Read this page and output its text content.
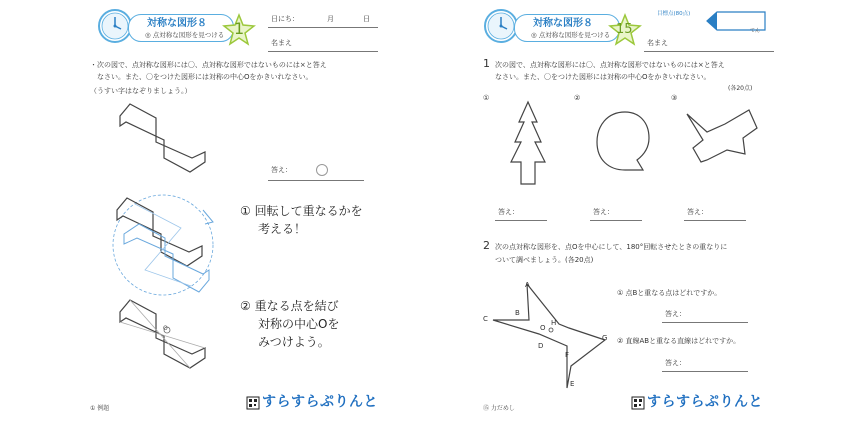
対称な図形８
◎ 点対称な図形を見つける 1	日にち：	月	日
名まえ
・次の図で、点対称な図形には〇、点対称な図形ではないものには×と答え
なさい。また、〇をつけた図形には対称の中心Oをかきいれなさい。
（うすい字はなぞりましょう。）
答え：
① 回転して重なるかを
考える！
O
② 重なる点を結び
対称の中心Oを
みつけよう。
すらすらぷりんと
① 例題
対称な図形８
◎ 点対称な図形を見つける 15
目標点(80点)
てん
名まえ
1 次の図で、点対称な図形には〇、点対称な図形ではないものには×と答え
なさい。また、〇をつけた図形には対称の中心Oをかきいれなさい。
(各20点)
①	②	③
答え：	答え：	答え：
2 次の点対称な図形を、点Oを中心にして、180°回転させたときの重なりに
ついて調べましょう。(各20点)
A
B
C
D
E
F
G
H
O
① 点Bと重なる点はどれですか。
答え：
② 直線ABと重なる直線はどれですか。
答え：
すらすらぷりんと
⑮ 力だめし
